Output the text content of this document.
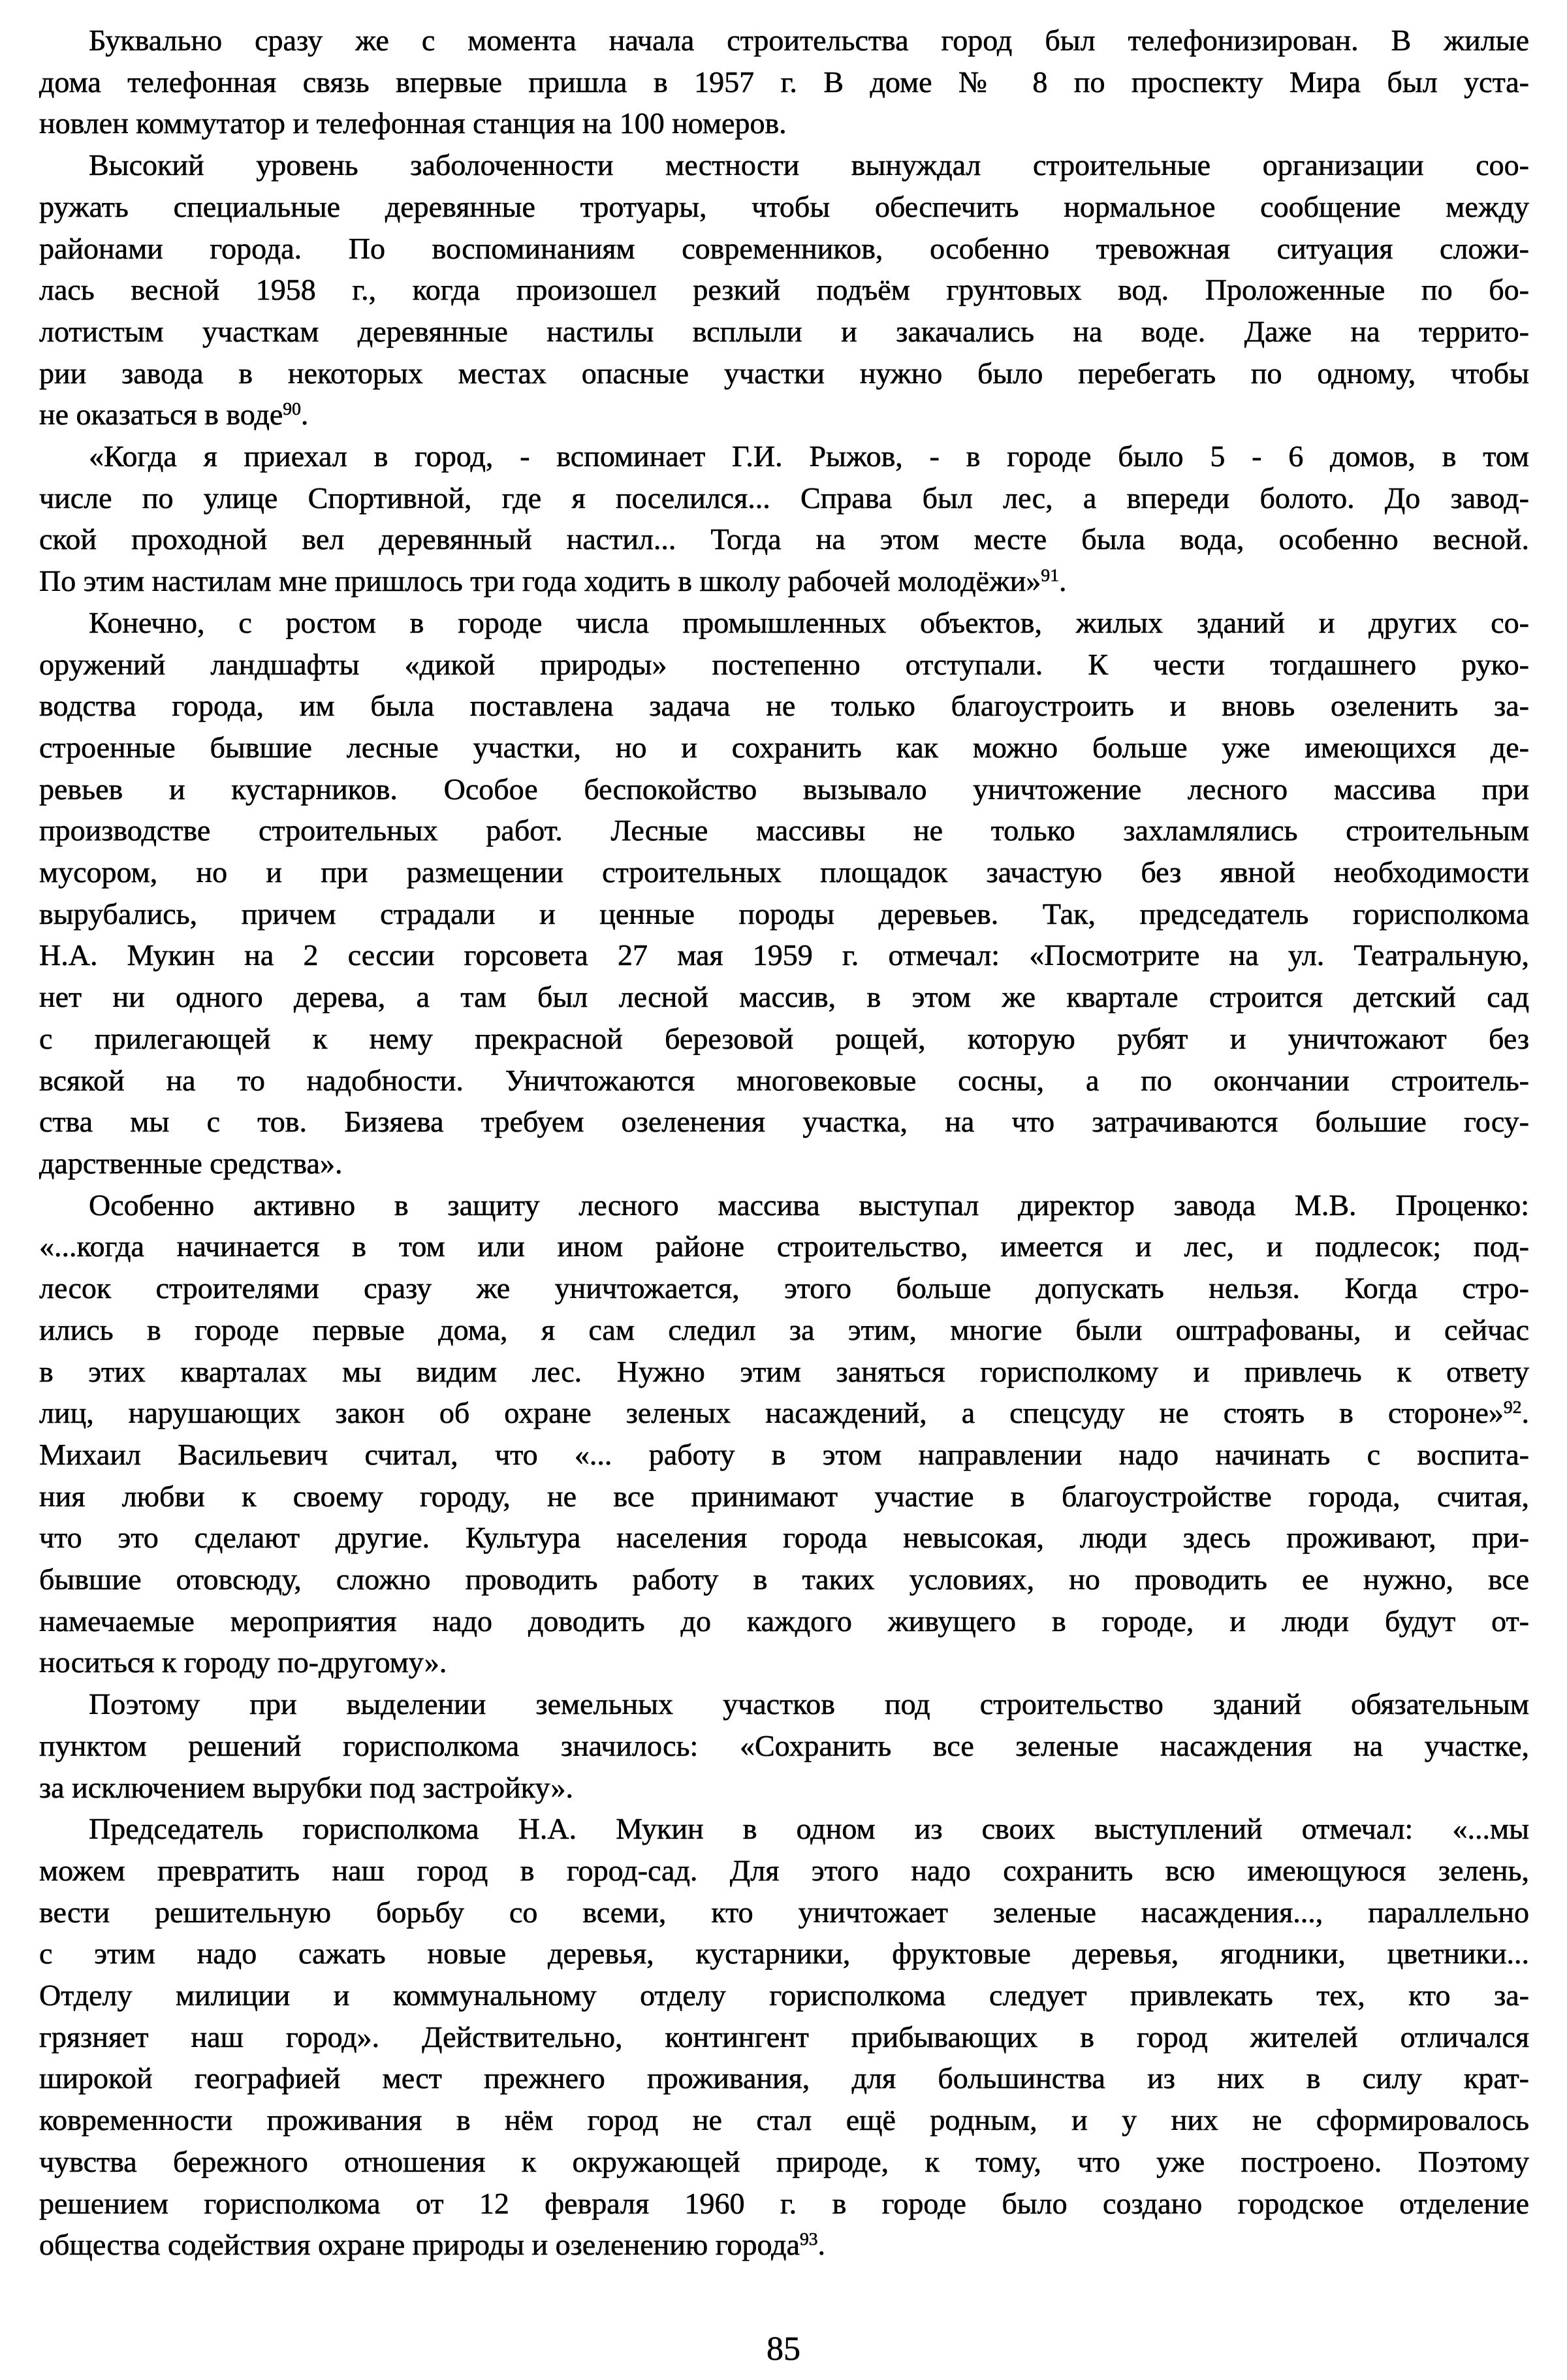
Буквально сразу же с момента начала строительства город был телефонизирован. В жилые
дома телефонная связь впервые пришла в 1957 г. В доме № 8 по проспекту Мира был уста-
новлен коммутатор и телефонная станция на 100 номеров.
Высокий уровень заболоченности местности вынуждал строительные организации соо-
ружать специальные деревянные тротуары, чтобы обеспечить нормальное сообщение между
районами города. По воспоминаниям современников, особенно тревожная ситуация сложи-
лась весной 1958 г., когда произошел резкий подъём грунтовых вод. Проложенные по бо-
лотистым участкам деревянные настилы всплыли и закачались на воде. Даже на террито-
рии завода в некоторых местах опасные участки нужно было перебегать по одному, чтобы
не оказаться в воде$^{90}$.
«Когда я приехал в город, - вспоминает Г.И. Рыжов, - в городе было 5 - 6 домов, в том
числе по улице Спортивной, где я поселился... Справа был лес, а впереди болото. До завод-
ской проходной вел деревянный настил... Тогда на этом месте была вода, особенно весной.
По этим настилам мне пришлось три года ходить в школу рабочей молодёжи»$^{91}$.
Конечно, с ростом в городе числа промышленных объектов, жилых зданий и других со-
оружений ландшафты «дикой природы» постепенно отступали. К чести тогдашнего руко-
водства города, им была поставлена задача не только благоустроить и вновь озеленить за-
строенные бывшие лесные участки, но и сохранить как можно больше уже имеющихся де-
ревьев и кустарников. Особое беспокойство вызывало уничтожение лесного массива при
производстве строительных работ. Лесные массивы не только захламлялись строительным
мусором, но и при размещении строительных площадок зачастую без явной необходимости
вырубались, причем страдали и ценные породы деревьев. Так, председатель горисполкома
Н.А. Мукин на 2 сессии горсовета 27 мая 1959 г. отмечал: «Посмотрите на ул. Театральную,
нет ни одного дерева, а там был лесной массив, в этом же квартале строится детский сад
с прилегающей к нему прекрасной березовой рощей, которую рубят и уничтожают без
всякой на то надобности. Уничтожаются многовековые сосны, а по окончании строитель-
ства мы с тов. Бизяева требуем озеленения участка, на что затрачиваются большие госу-
дарственные средства».
Особенно активно в защиту лесного массива выступал директор завода М.В. Проценко:
«...когда начинается в том или ином районе строительство, имеется и лес, и подлесок; под-
лесок строителями сразу же уничтожается, этого больше допускать нельзя. Когда стро-
ились в городе первые дома, я сам следил за этим, многие были оштрафованы, и сейчас
в этих кварталах мы видим лес. Нужно этим заняться горисполкому и привлечь к ответу
лиц, нарушающих закон об охране зеленых насаждений, а спецсуду не стоять в стороне»$^{92}$.
Михаил Васильевич считал, что «... работу в этом направлении надо начинать с воспита-
ния любви к своему городу, не все принимают участие в благоустройстве города, считая,
что это сделают другие. Культура населения города невысокая, люди здесь проживают, при-
бывшие отовсюду, сложно проводить работу в таких условиях, но проводить ее нужно, все
намечаемые мероприятия надо доводить до каждого живущего в городе, и люди будут от-
носиться к городу по-другому».
Поэтому при выделении земельных участков под строительство зданий обязательным
пунктом решений горисполкома значилось: «Сохранить все зеленые насаждения на участке,
за исключением вырубки под застройку».
Председатель горисполкома Н.А. Мукин в одном из своих выступлений отмечал: «...мы
можем превратить наш город в город-сад. Для этого надо сохранить всю имеющуюся зелень,
вести решительную борьбу со всеми, кто уничтожает зеленые насаждения..., параллельно
с этим надо сажать новые деревья, кустарники, фруктовые деревья, ягодники, цветники...
Отделу милиции и коммунальному отделу горисполкома следует привлекать тех, кто за-
грязняет наш город». Действительно, контингент прибывающих в город жителей отличался
широкой географией мест прежнего проживания, для большинства из них в силу крат-
ковременности проживания в нём город не стал ещё родным, и у них не сформировалось
чувства бережного отношения к окружающей природе, к тому, что уже построено. Поэтому
решением горисполкома от 12 февраля 1960 г. в городе было создано городское отделение
общества содействия охране природы и озеленению города$^{93}$.
85
